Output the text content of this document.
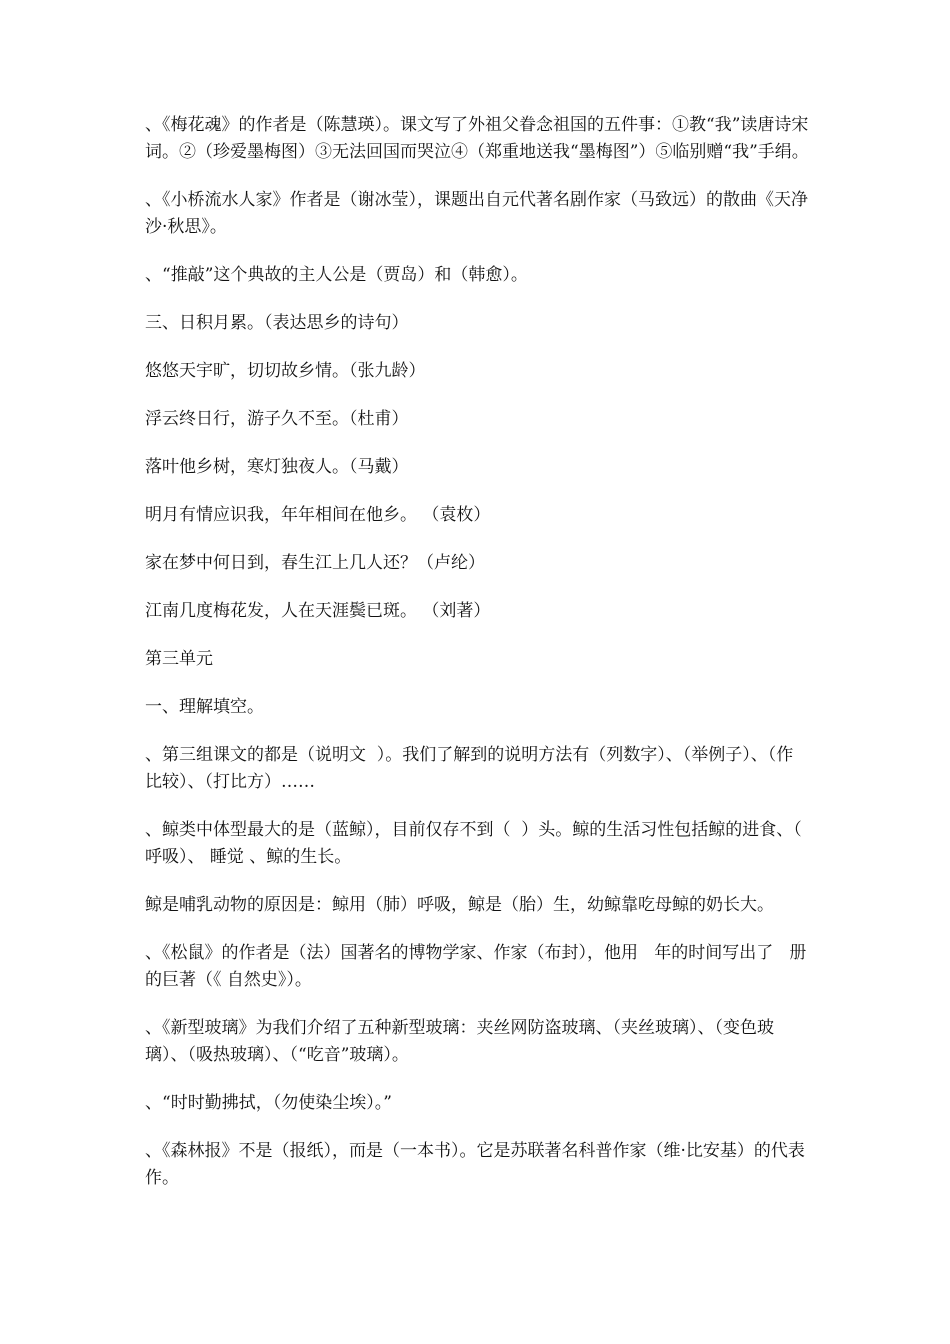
、《梅花魂》的作者是（陈慧瑛）。课文写了外祖父眷念祖国的五件事：①教“我”读唐诗宋词。②（珍爱墨梅图）③无法回国而哭泣④（郑重地送我“墨梅图”）⑤临别赠“我”手绢。

、《小桥流水人家》作者是（谢冰莹），课题出自元代著名剧作家（马致远）的散曲《天净沙·秋思》。

、“推敲”这个典故的主人公是（贾岛）和（韩愈）。

三、日积月累。（表达思乡的诗句）

悠悠天宇旷，切切故乡情。（张九龄）

浮云终日行，游子久不至。（杜甫）

落叶他乡树，寒灯独夜人。（马戴）

明月有情应识我，年年相间在他乡。 （袁枚）

家在梦中何日到，春生江上几人还？（卢纶）

江南几度梅花发，人在天涯鬓已斑。 （刘著）

第三单元

一、理解填空。

、第三组课文的都是（说明文  ）。我们了解到的说明方法有（列数字）、（举例子）、（作比较）、（打比方）……

、鲸类中体型最大的是（蓝鲸），目前仅存不到（  ）头。鲸的生活习性包括鲸的进食、（  呼吸）、 睡觉 、鲸的生长。

鲸是哺乳动物的原因是：鲸用（肺）呼吸，鲸是（胎）生，幼鲸靠吃母鲸的奶长大。

、《松鼠》的作者是（法）国著名的博物学家、作家（布封），他用   年的时间写出了   册的巨著（《 自然史》）。

、《新型玻璃》为我们介绍了五种新型玻璃：夹丝网防盗玻璃、（夹丝玻璃）、（变色玻璃）、（吸热玻璃）、（“吃音”玻璃）。

、“时时勤拂拭，（勿使染尘埃）。”

、《森林报》不是（报纸），而是（一本书）。它是苏联著名科普作家（维·比安基）的代表作。
